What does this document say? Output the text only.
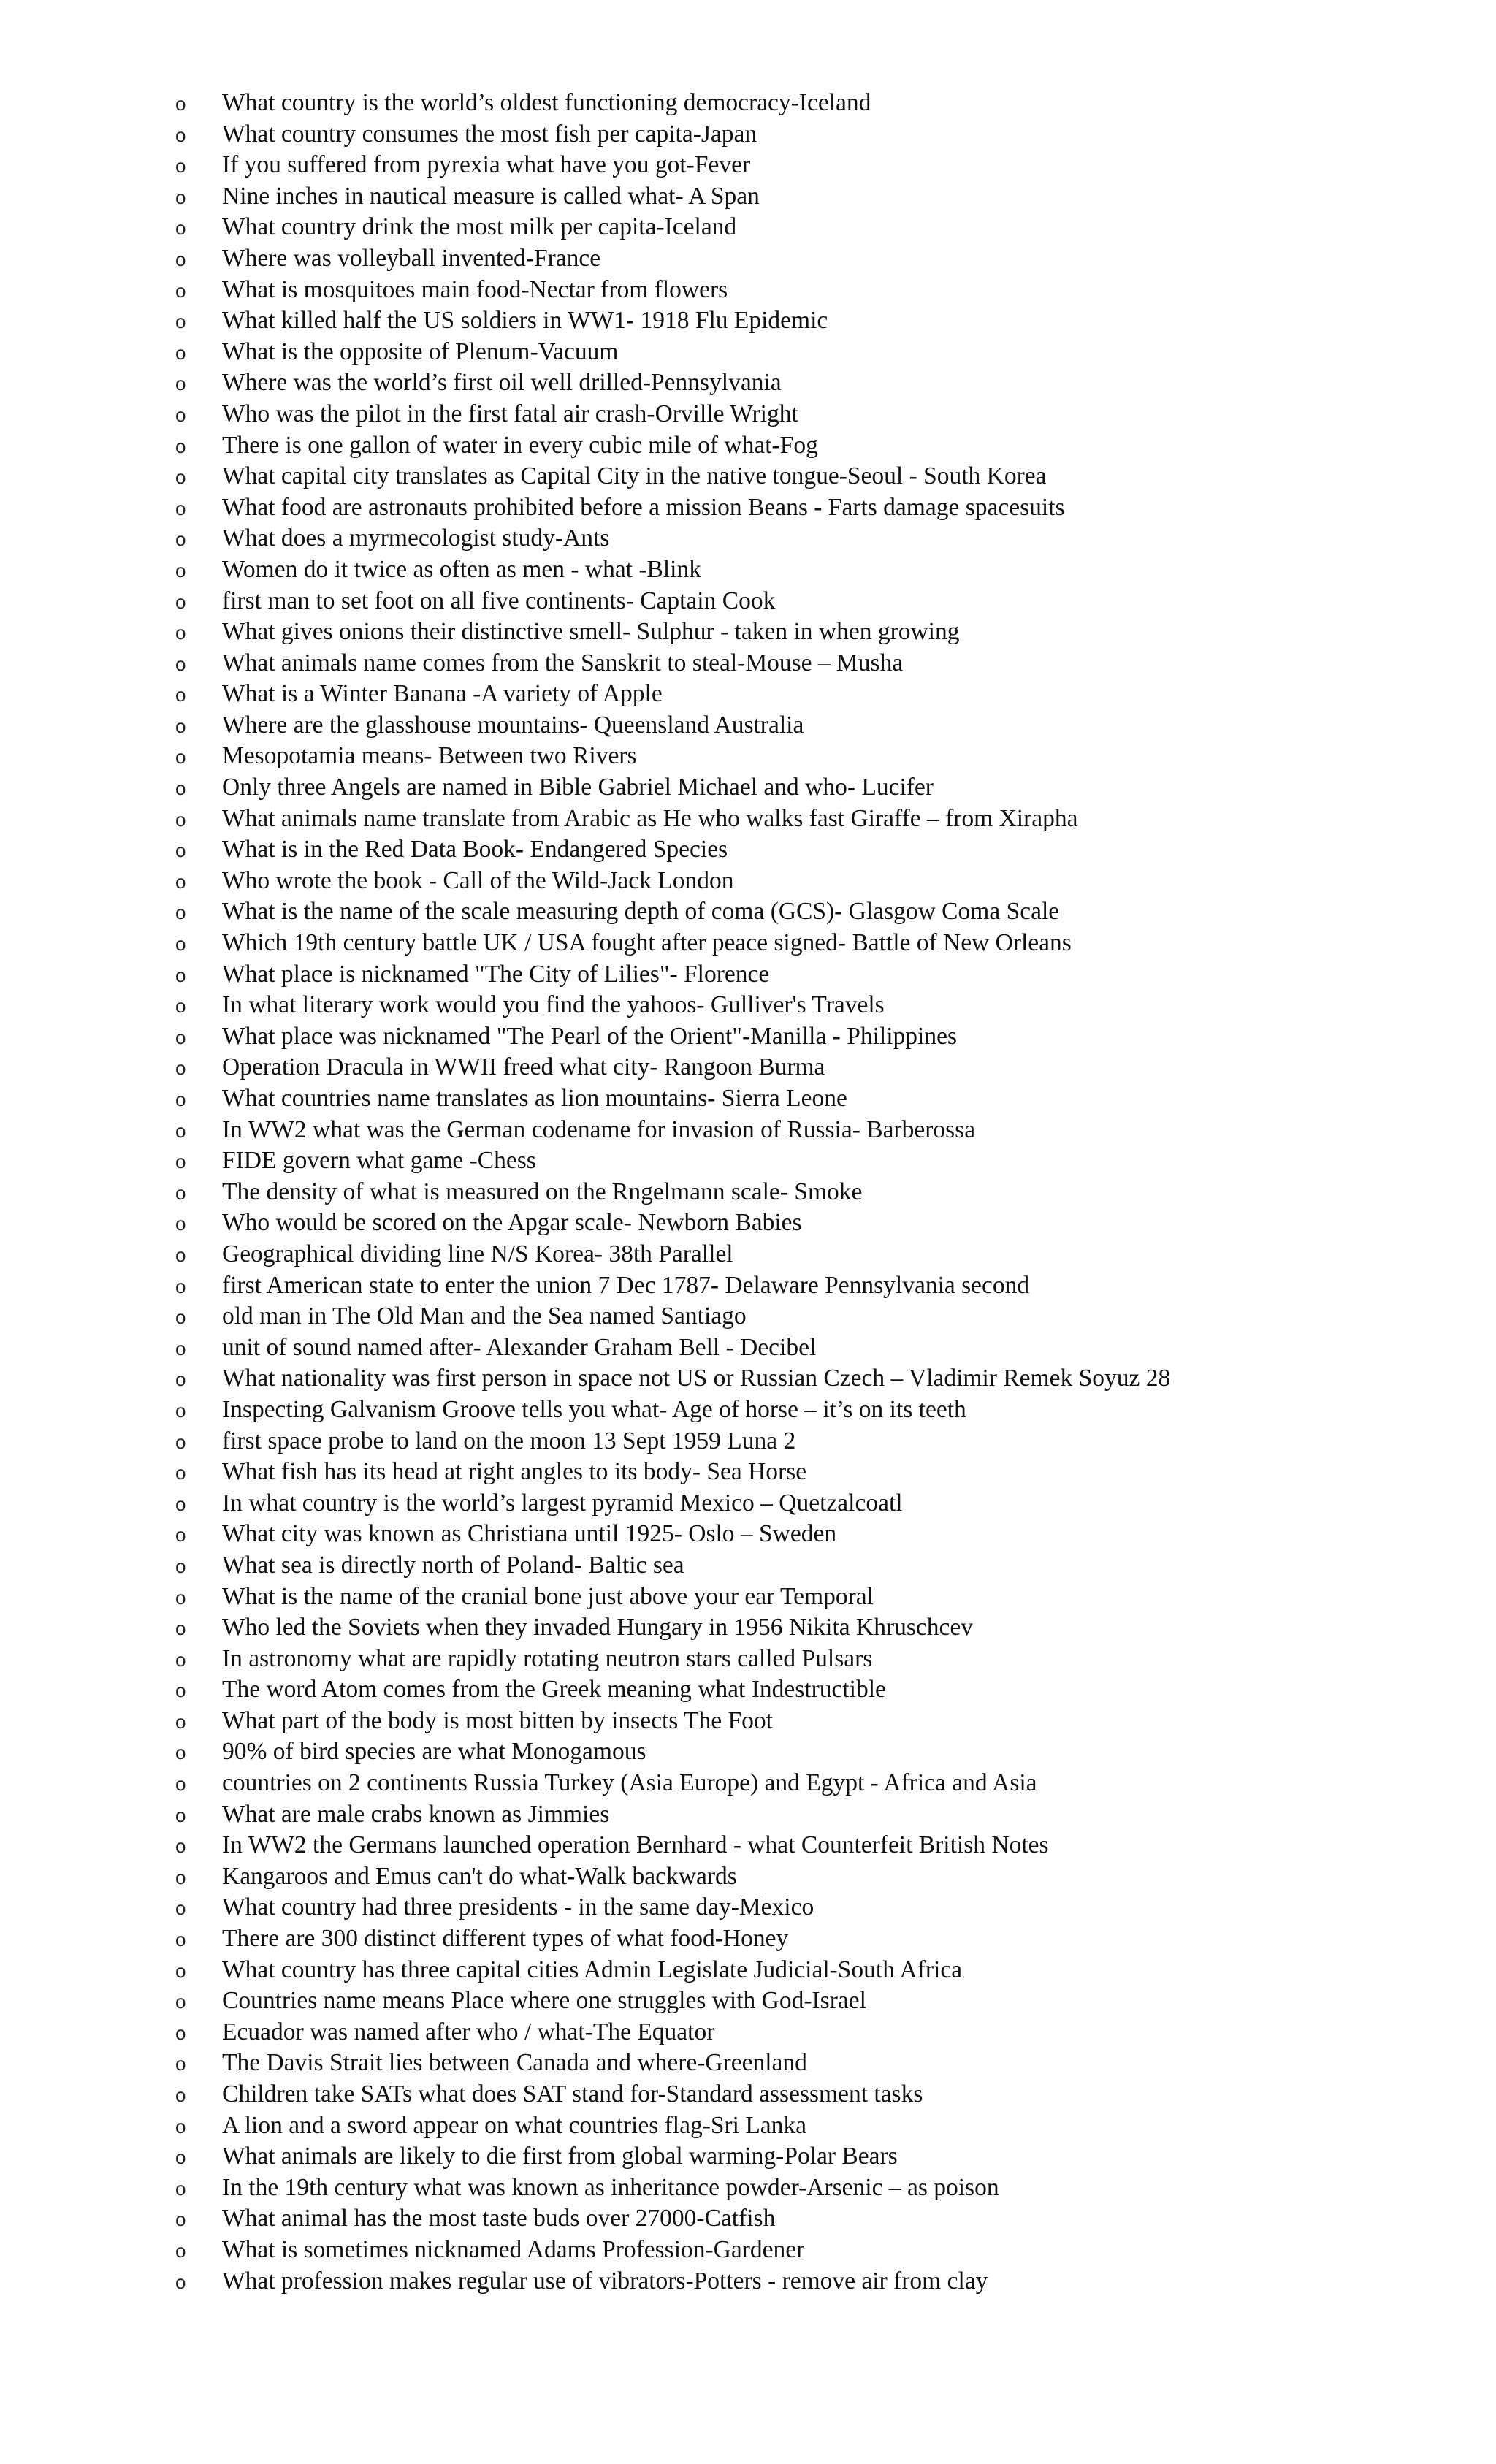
o	What country is the world’s oldest functioning democracy-Iceland
o	What country consumes the most fish per capita-Japan
o	If you suffered from pyrexia what have you got-Fever
o	Nine inches in nautical measure is called what- A Span
o	What country drink the most milk per capita-Iceland
o	Where was volleyball invented-France
o	What is mosquitoes main food-Nectar from flowers
o	What killed half the US soldiers in WW1- 1918 Flu Epidemic
o	What is the opposite of Plenum-Vacuum
o	Where was the world’s first oil well drilled-Pennsylvania
o	Who was the pilot in the first fatal air crash-Orville Wright
o	There is one gallon of water in every cubic mile of what-Fog
o	What capital city translates as Capital City in the native tongue-Seoul - South Korea
o	What food are astronauts prohibited before a mission Beans - Farts damage spacesuits
o	What does a myrmecologist study-Ants
o	Women do it twice as often as men - what -Blink
o	first man to set foot on all five continents- Captain Cook
o	What gives onions their distinctive smell- Sulphur - taken in when growing
o	What animals name comes from the Sanskrit to steal-Mouse – Musha
o	What is a Winter Banana -A variety of Apple
o	Where are the glasshouse mountains- Queensland Australia
o	Mesopotamia means- Between two Rivers
o	Only three Angels are named in Bible Gabriel Michael and who- Lucifer
o	What animals name translate from Arabic as He who walks fast Giraffe – from Xirapha
o	What is in the Red Data Book- Endangered Species
o	Who wrote the book - Call of the Wild-Jack London
o	What is the name of the scale measuring depth of coma (GCS)- Glasgow Coma Scale
o	Which 19th century battle UK / USA fought after peace signed- Battle of New Orleans
o	What place is nicknamed "The City of Lilies"- Florence
o	In what literary work would you find the yahoos- Gulliver's Travels
o	What place was nicknamed "The Pearl of the Orient"-Manilla - Philippines
o	Operation Dracula in WWII freed what city- Rangoon Burma
o	What countries name translates as lion mountains- Sierra Leone
o	In WW2 what was the German codename for invasion of Russia- Barberossa
o	FIDE govern what game -Chess
o	The density of what is measured on the Rngelmann scale- Smoke
o	Who would be scored on the Apgar scale- Newborn Babies
o	Geographical dividing line N/S Korea- 38th Parallel
o	first American state to enter the union 7 Dec 1787- Delaware Pennsylvania second
o	old man in The Old Man and the Sea named Santiago
o	unit of sound named after- Alexander Graham Bell - Decibel
o	What nationality was first person in space not US or Russian Czech – Vladimir Remek Soyuz 28
o	Inspecting Galvanism Groove tells you what- Age of horse – it’s on its teeth
o	first space probe to land on the moon 13 Sept 1959 Luna 2
o	What fish has its head at right angles to its body- Sea Horse
o	In what country is the world’s largest pyramid Mexico – Quetzalcoatl
o	What city was known as Christiana until 1925- Oslo – Sweden
o	What sea is directly north of Poland- Baltic sea
o	What is the name of the cranial bone just above your ear Temporal
o	Who led the Soviets when they invaded Hungary in 1956 Nikita Khruschcev
o	In astronomy what are rapidly rotating neutron stars called Pulsars
o	The word Atom comes from the Greek meaning what Indestructible
o	What part of the body is most bitten by insects The Foot
o	90% of bird species are what Monogamous
o	countries on 2 continents Russia Turkey (Asia Europe) and Egypt - Africa and Asia
o	What are male crabs known as Jimmies
o	In WW2 the Germans launched operation Bernhard - what Counterfeit British Notes
o	Kangaroos and Emus can't do what-Walk backwards
o	What country had three presidents - in the same day-Mexico
o	There are 300 distinct different types of what food-Honey
o	What country has three capital cities Admin Legislate Judicial-South Africa
o	Countries name means Place where one struggles with God-Israel
o	Ecuador was named after who / what-The Equator
o	The Davis Strait lies between Canada and where-Greenland
o	Children take SATs what does SAT stand for-Standard assessment tasks
o	A lion and a sword appear on what countries flag-Sri Lanka
o	What animals are likely to die first from global warming-Polar Bears
o	In the 19th century what was known as inheritance powder-Arsenic – as poison
o	What animal has the most taste buds over 27000-Catfish
o	What is sometimes nicknamed Adams Profession-Gardener
o	What profession makes regular use of vibrators-Potters - remove air from clay
